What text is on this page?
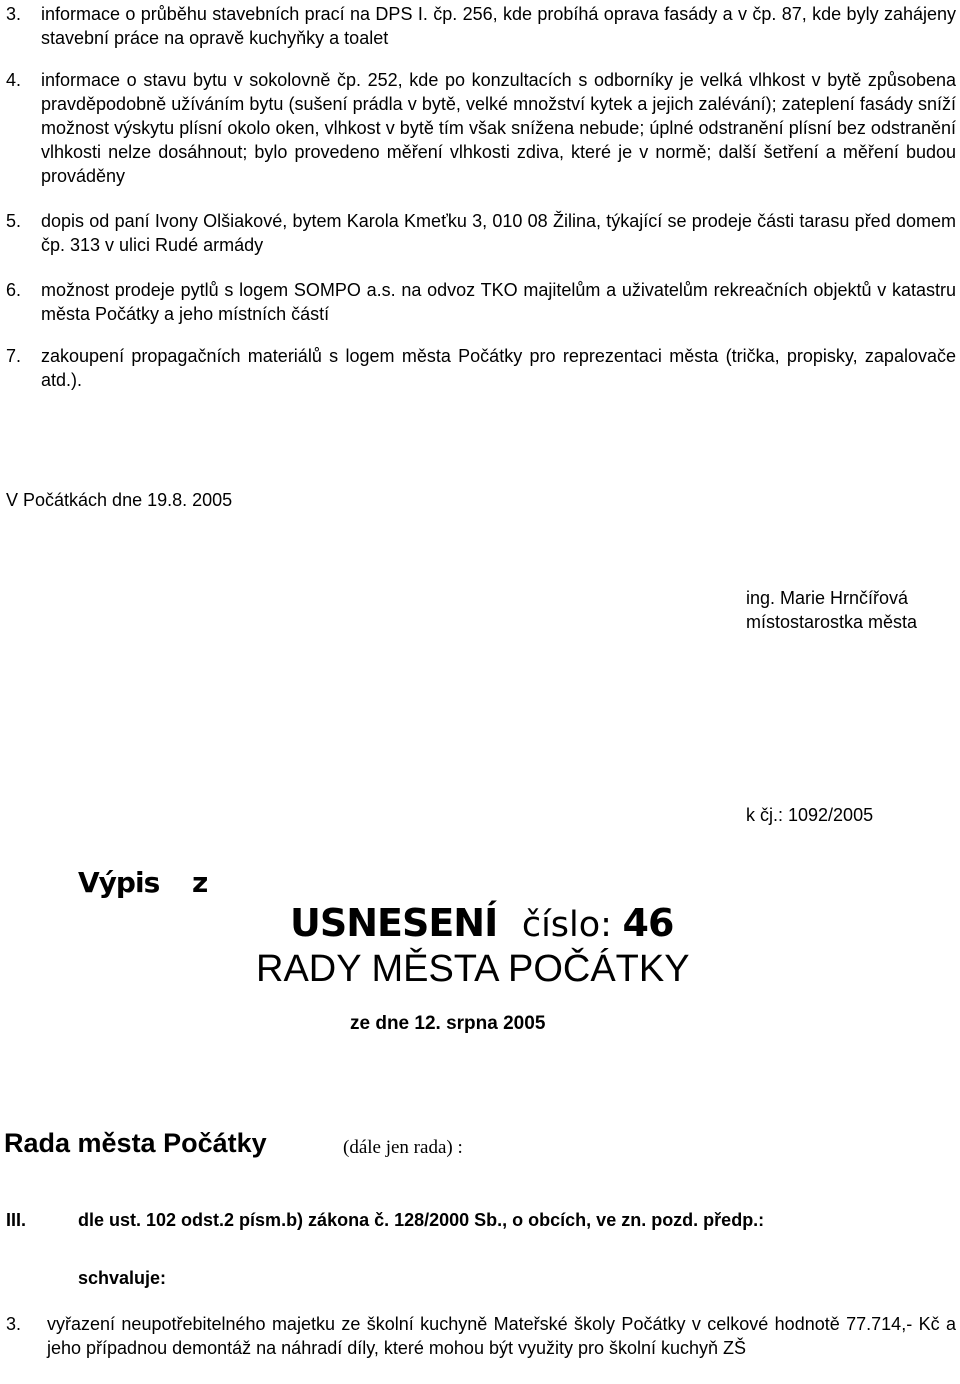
3. informace o průběhu stavebních prací na DPS I. čp. 256, kde probíhá oprava fasády a v čp. 87, kde byly zahájeny stavební práce na opravě kuchyňky a toalet
4. informace o stavu bytu v sokolovně čp. 252, kde po konzultacích s odborníky je velká vlhkost v bytě způsobena pravděpodobně užíváním bytu (sušení prádla v bytě, velké množství kytek a jejich zalévání); zateplení fasády sníží možnost výskytu plísní okolo oken, vlhkost v bytě tím však snížena nebude; úplné odstranění plísní bez odstranění vlhkosti nelze dosáhnout; bylo provedeno měření vlhkosti zdiva, které je v normě; další šetření a měření budou prováděny
5. dopis od paní Ivony Olšiakové, bytem Karola Kmeťku 3, 010 08 Žilina, týkající se prodeje části tarasu před domem čp. 313 v ulici Rudé armády
6. možnost prodeje pytlů s logem SOMPO a.s. na odvoz TKO majitelům a uživatelům rekreačních objektů v katastru města Počátky a jeho místních částí
7. zakoupení propagačních materiálů s logem města Počátky pro reprezentaci města (trička, propisky, zapalovače atd.).
V Počátkách dne 19.8. 2005
ing. Marie Hrnčířová
místostarostka města
k čj.: 1092/2005
Výpis z
USNESENÍ číslo: 46
RADY MĚSTA POČÁTKY
ze dne 12. srpna 2005
Rada města Počátky	(dále jen rada) :
III.	dle ust. 102 odst.2 písm.b) zákona č. 128/2000 Sb., o obcích, ve zn. pozd. předp.:
schvaluje:
3. vyřazení neupotřebitelného majetku ze školní kuchyně Mateřské školy Počátky v celkové hodnotě 77.714,- Kč a jeho případnou demontáž na náhradí díly, které mohou být využity pro školní kuchyň ZŠ
